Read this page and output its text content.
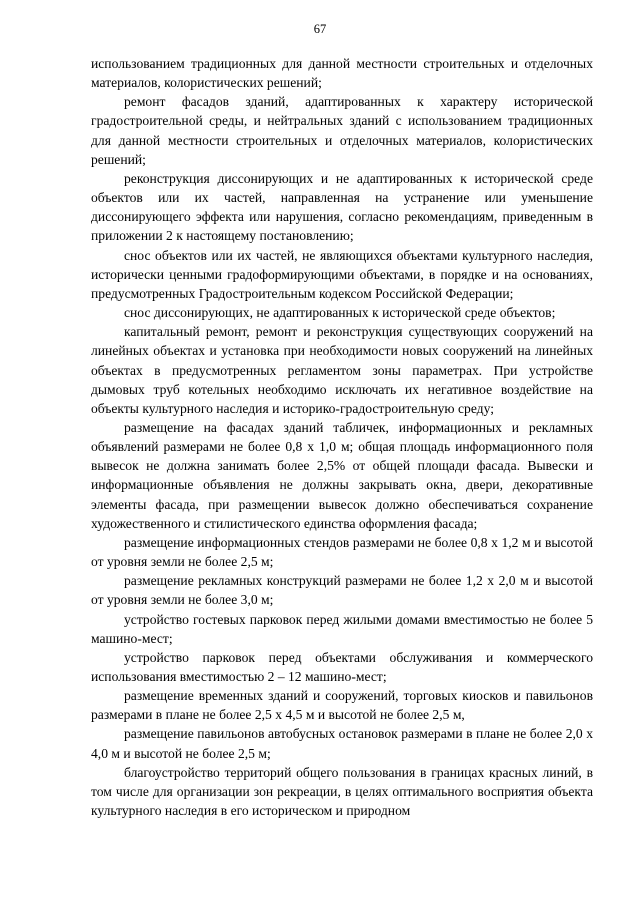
67

использованием традиционных для данной местности строительных и отделочных материалов, колористических решений;

ремонт фасадов зданий, адаптированных к характеру исторической градостроительной среды, и нейтральных зданий с использованием традиционных для данной местности строительных и отделочных материалов, колористических решений;

реконструкция диссонирующих и не адаптированных к исторической среде объектов или их частей, направленная на устранение или уменьшение диссонирующего эффекта или нарушения, согласно рекомендациям, приведенным в приложении 2 к настоящему постановлению;

снос объектов или их частей, не являющихся объектами культурного наследия, исторически ценными градоформирующими объектами, в порядке и на основаниях, предусмотренных Градостроительным кодексом Российской Федерации;

снос диссонирующих, не адаптированных к исторической среде объектов;

капитальный ремонт, ремонт и реконструкция существующих сооружений на линейных объектах и установка при необходимости новых сооружений на линейных объектах в предусмотренных регламентом зоны параметрах. При устройстве дымовых труб котельных необходимо исключать их негативное воздействие на объекты культурного наследия и историко-градостроительную среду;

размещение на фасадах зданий табличек, информационных и рекламных объявлений размерами не более 0,8 х 1,0 м; общая площадь информационного поля вывесок не должна занимать более 2,5% от общей площади фасада. Вывески и информационные объявления не должны закрывать окна, двери, декоративные элементы фасада, при размещении вывесок должно обеспечиваться сохранение художественного и стилистического единства оформления фасада;

размещение информационных стендов размерами не более 0,8 х 1,2 м и высотой от уровня земли не более 2,5 м;

размещение рекламных конструкций размерами не более 1,2 х 2,0 м и высотой от уровня земли не более 3,0 м;

устройство гостевых парковок перед жилыми домами вместимостью не более 5 машино-мест;

устройство парковок перед объектами обслуживания и коммерческого использования вместимостью 2 – 12 машино-мест;

размещение временных зданий и сооружений, торговых киосков и павильонов размерами в плане не более 2,5 х 4,5 м и высотой не более 2,5 м,

размещение павильонов автобусных остановок размерами в плане не более 2,0 х 4,0 м и высотой не более 2,5 м;

благоустройство территорий общего пользования в границах красных линий, в том числе для организации зон рекреации, в целях оптимального восприятия объекта культурного наследия в его историческом и природном
